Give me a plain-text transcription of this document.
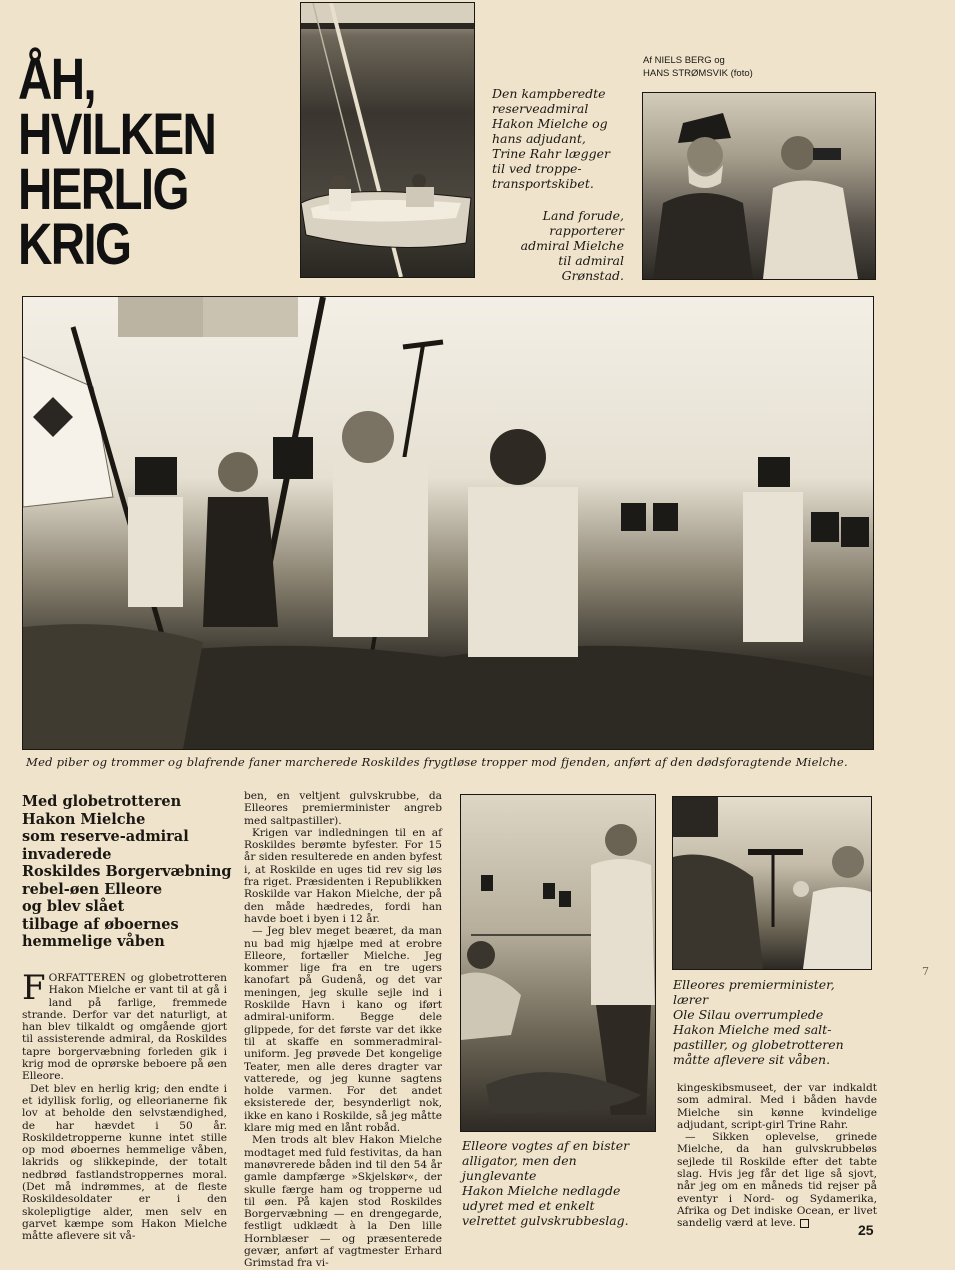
ÅH,
HVILKEN
HERLIG
KRIG
Den kampberedte
reserveadmiral
Hakon Mielche og
hans adjudant,
Trine Rahr lægger
til ved troppe-
transportskibet.
Land forude,
rapporterer
admiral Mielche
til admiral
Grønstad.
Af NIELS BERG og
HANS STRØMSVIK (foto)
Med piber og trommer og blafrende faner marcherede Roskildes frygtløse tropper mod fjenden, anført af den dødsforagtende Mielche.
Med globetrotteren
Hakon Mielche
som reserve-admiral
invaderede
Roskildes Borgervæbning
rebel-øen Elleore
og blev slået
tilbage af øboernes
hemmelige våben

FORFATTEREN og globetrotteren Hakon Mielche er vant til at gå i land på farlige, fremmede strande. Derfor var det naturligt, at han blev tilkaldt og omgående gjort til assisterende admiral, da Roskildes tapre borgervæbning forleden gik i krig mod de oprørske beboere på øen Elleore.

Det blev en herlig krig; den endte i et idyllisk forlig, og elleorianerne fik lov at beholde den selvstændighed, de har hævdet i 50 år. Roskildetropperne kunne intet stille op mod øboernes hemmelige våben, lakrids og slikkepinde, der totalt nedbrød fastlandstroppernes moral. (Det må indrømmes, at de fleste Roskildesoldater er i den skolepligtige alder, men selv en garvet kæmpe som Hakon Mielche måtte aflevere sit vå-

ben, en veltjent gulvskrubbe, da Elleores premierminister angreb med saltpastiller).

Krigen var indledningen til en af Roskildes berømte byfester. For 15 år siden resulterede en anden byfest i, at Roskilde en uges tid rev sig løs fra riget. Præsidenten i Republikken Roskilde var Hakon Mielche, der på den måde hædredes, fordi han havde boet i byen i 12 år.

— Jeg blev meget beæret, da man nu bad mig hjælpe med at erobre Elleore, fortæller Mielche. Jeg kommer lige fra en tre ugers kanofart på Gudenå, og det var meningen, jeg skulle sejle ind i Roskilde Havn i kano og iført admiral-uniform. Begge dele glippede, for det første var det ikke til at skaffe en sommeradmiral-uniform. Jeg prøvede Det kongelige Teater, men alle deres dragter var vatterede, og jeg kunne sagtens holde varmen. For det andet eksisterede der, besynderligt nok, ikke en kano i Roskilde, så jeg måtte klare mig med en lånt robåd.

Men trods alt blev Hakon Mielche modtaget med fuld festivitas, da han manøvrerede båden ind til den 54 år gamle dampfærge »Skjelskør«, der skulle færge ham og tropperne ud til øen. På kajen stod Roskildes Borgervæbning — en drengegarde, festligt udklædt à la Den lille Hornblæser — og præsenterede gevær, anført af vagtmester Erhard Grimstad fra vi-

Elleore vogtes af en bister
alligator, men den junglevante
Hakon Mielche nedlagde
udyret med et enkelt
velrettet gulvskrubbeslag.
Elleores premierminister, lærer
Ole Silau overrumplede
Hakon Mielche med salt-
pastiller, og globetrotteren
måtte aflevere sit våben.
7

kingeskibsmuseet, der var indkaldt som admiral. Med i båden havde Mielche sin kønne kvindelige adjudant, script-girl Trine Rahr.

— Sikken oplevelse, grinede Mielche, da han gulvskrubbeløs sejlede til Roskilde efter det tabte slag. Hvis jeg får det lige så sjovt, når jeg om en måneds tid rejser på eventyr i Nord- og Sydamerika, Afrika og Det indiske Ocean, er livet sandelig værd at leve.	25
